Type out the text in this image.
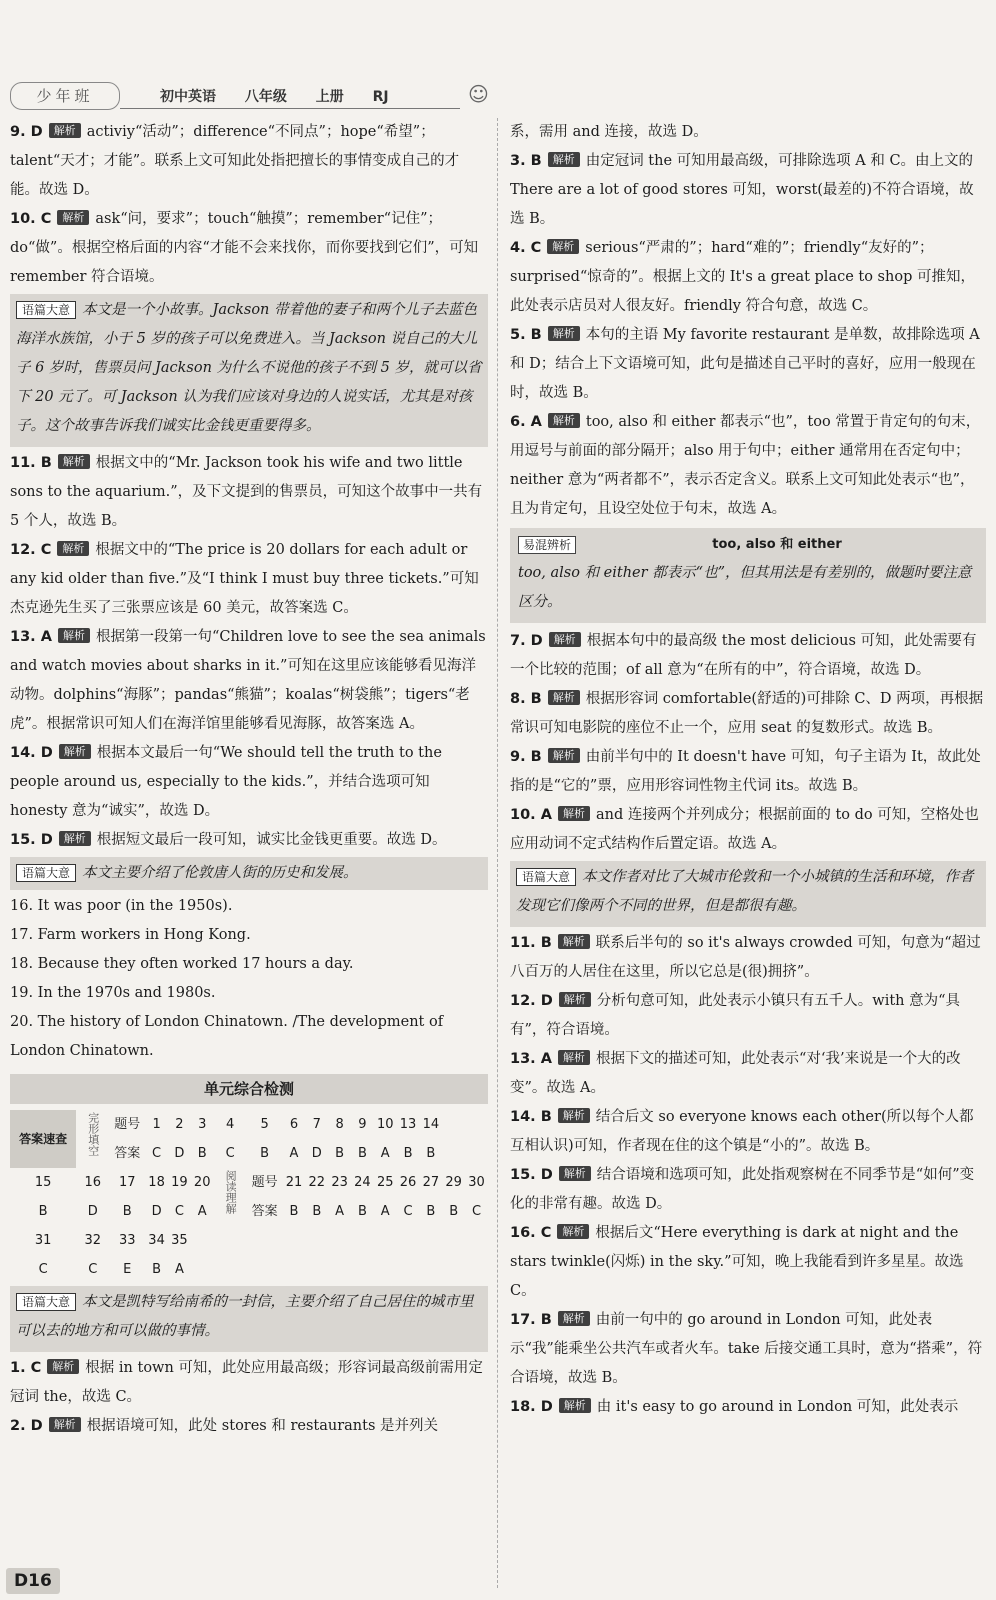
少年班	初中英语 八年级 上册 RJ	☺

9. D 解析 activiy“活动”；difference“不同点”；hope“希望”；talent“天才；才能”。联系上文可知此处指把擅长的事情变成自己的才能。故选 D。

10. C 解析 ask“问，要求”；touch“触摸”；remember“记住”；do“做”。根据空格后面的内容“才能不会来找你，而你要找到它们”，可知 remember 符合语境。

语篇大意 本文是一个小故事。Jackson 带着他的妻子和两个儿子去蓝色海洋水族馆，小于 5 岁的孩子可以免费进入。当 Jackson 说自己的大儿子 6 岁时，售票员问 Jackson 为什么不说他的孩子不到 5 岁，就可以省下 20 元了。可 Jackson 认为我们应该对身边的人说实话，尤其是对孩子。这个故事告诉我们诚实比金钱更重要得多。

11. B 解析 根据文中的“Mr. Jackson took his wife and two little sons to the aquarium.”，及下文提到的售票员，可知这个故事中一共有 5 个人，故选 B。

12. C 解析 根据文中的“The price is 20 dollars for each adult or any kid older than five.”及“I think I must buy three tickets.”可知杰克逊先生买了三张票应该是 60 美元，故答案选 C。

13. A 解析 根据第一段第一句“Children love to see the sea animals and watch movies about sharks in it.”可知在这里应该能够看见海洋动物。dolphins“海豚”；pandas“熊猫”；koalas“树袋熊”；tigers“老虎”。根据常识可知人们在海洋馆里能够看见海豚，故答案选 A。

14. D 解析 根据本文最后一句“We should tell the truth to the people around us, especially to the kids.”，并结合选项可知 honesty 意为“诚实”，故选 D。

15. D 解析 根据短文最后一段可知，诚实比金钱更重要。故选 D。

语篇大意 本文主要介绍了伦敦唐人街的历史和发展。

16. It was poor (in the 1950s).

17. Farm workers in Hong Kong.

18. Because they often worked 17 hours a day.

19. In the 1970s and 1980s.

20. The history of London Chinatown. /The development of London Chinatown.

单元综合检测
答案速查	完形填空	题号	1	2	3	4	5	6	7	8	9	10	13	14		
		答案	C	D	B	C	B	A	D	B	B	A	B	B		
15	16	17	18	19	20	阅读理解	题号	21	22	23	24	25	26	27	29	30
B	D	B	D	C	A		答案	B	B	A	B	A	C	B	B	C
31	32	33	34	35												
C	C	E	B	A												
语篇大意 本文是凯特写给南希的一封信，主要介绍了自己居住的城市里可以去的地方和可以做的事情。

1. C 解析 根据 in town 可知，此处应用最高级；形容词最高级前需用定冠词 the，故选 C。

2. D 解析 根据语境可知，此处 stores 和 restaurants 是并列关

系，需用 and 连接，故选 D。

3. B 解析 由定冠词 the 可知用最高级，可排除选项 A 和 C。由上文的 There are a lot of good stores 可知，worst(最差的)不符合语境，故选 B。

4. C 解析 serious“严肃的”；hard“难的”；friendly“友好的”；surprised“惊奇的”。根据上文的 It's a great place to shop 可推知，此处表示店员对人很友好。friendly 符合句意，故选 C。

5. B 解析 本句的主语 My favorite restaurant 是单数，故排除选项 A 和 D；结合上下文语境可知，此句是描述自己平时的喜好，应用一般现在时，故选 B。

6. A 解析 too, also 和 either 都表示“也”，too 常置于肯定句的句末，用逗号与前面的部分隔开；also 用于句中；either 通常用在否定句中；neither 意为“两者都不”，表示否定含义。联系上文可知此处表示“也”，且为肯定句，且设空处位于句末，故选 A。

易混辨析	too, also 和 either
too, also 和 either 都表示“也”，但其用法是有差别的，做题时要注意区分。

7. D 解析 根据本句中的最高级 the most delicious 可知，此处需要有一个比较的范围；of all 意为“在所有的中”，符合语境，故选 D。

8. B 解析 根据形容词 comfortable(舒适的)可排除 C、D 两项，再根据常识可知电影院的座位不止一个，应用 seat 的复数形式。故选 B。

9. B 解析 由前半句中的 It doesn't have 可知，句子主语为 It，故此处指的是“它的”票，应用形容词性物主代词 its。故选 B。

10. A 解析 and 连接两个并列成分；根据前面的 to do 可知，空格处也应用动词不定式结构作后置定语。故选 A。

语篇大意 本文作者对比了大城市伦敦和一个小城镇的生活和环境，作者发现它们像两个不同的世界，但是都很有趣。

11. B 解析 联系后半句的 so it's always crowded 可知，句意为“超过八百万的人居住在这里，所以它总是(很)拥挤”。

12. D 解析 分析句意可知，此处表示小镇只有五千人。with 意为“具有”，符合语境。

13. A 解析 根据下文的描述可知，此处表示“对‘我’来说是一个大的改变”。故选 A。

14. B 解析 结合后文 so everyone knows each other(所以每个人都互相认识)可知，作者现在住的这个镇是“小的”。故选 B。

15. D 解析 结合语境和选项可知，此处指观察树在不同季节是“如何”变化的非常有趣。故选 D。

16. C 解析 根据后文“Here everything is dark at night and the stars twinkle(闪烁) in the sky.”可知，晚上我能看到许多星星。故选 C。

17. B 解析 由前一句中的 go around in London 可知，此处表示“我”能乘坐公共汽车或者火车。take 后接交通工具时，意为“搭乘”，符合语境，故选 B。

18. D 解析 由 it's easy to go around in London 可知，此处表示

D16
